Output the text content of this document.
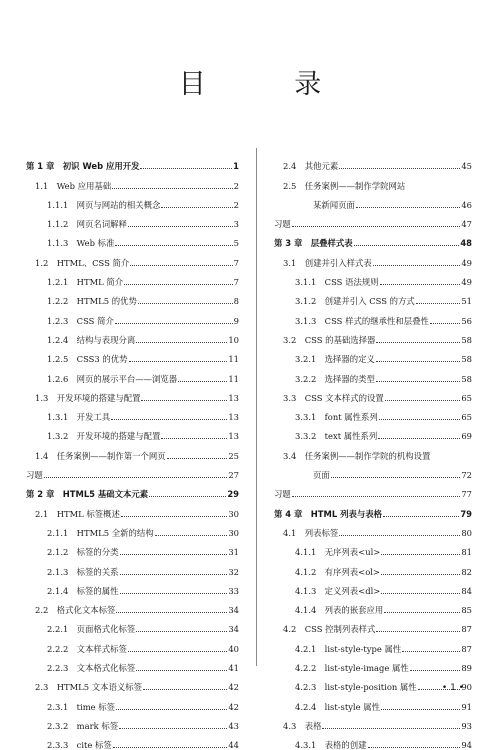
目 录
第 1 章　初识 Web 应用开发	1
1.1　Web 应用基础	2
1.1.1　网页与网站的相关概念	2
1.1.2　网页名词解释	3
1.1.3　Web 标准	5
1.2　HTML、CSS 简介	7
1.2.1　HTML 简介	7
1.2.2　HTML5 的优势	8
1.2.3　CSS 简介	9
1.2.4　结构与表现分离	10
1.2.5　CSS3 的优势	11
1.2.6　网页的展示平台——浏览器	11
1.3　开发环境的搭建与配置	13
1.3.1　开发工具	13
1.3.2　开发环境的搭建与配置	13
1.4　任务案例——制作第一个网页	25
习题	27
第 2 章　HTML5 基础文本元素	29
2.1　HTML 标签概述	30
2.1.1　HTML5 全新的结构	30
2.1.2　标签的分类	31
2.1.3　标签的关系	32
2.1.4　标签的属性	33
2.2　格式化文本标签	34
2.2.1　页面格式化标签	34
2.2.2　文本样式标签	40
2.2.3　文本格式化标签	41
2.3　HTML5 文本语义标签	42
2.3.1　time 标签	42
2.3.2　mark 标签	43
2.3.3　cite 标签	44
2.4　其他元素	45
2.5　任务案例——制作学院网站
某新闻页面	46
习题	47
第 3 章　层叠样式表	48
3.1　创建并引入样式表	49
3.1.1　CSS 语法规则	49
3.1.2　创建并引入 CSS 的方式	51
3.1.3　CSS 样式的继承性和层叠性	56
3.2　CSS 的基础选择器	58
3.2.1　选择器的定义	58
3.2.2　选择器的类型	58
3.3　CSS 文本样式的设置	65
3.3.1　font 属性系列	65
3.3.2　text 属性系列	69
3.4　任务案例——制作学院的机构设置
页面	72
习题	77
第 4 章　HTML 列表与表格	79
4.1　列表标签	80
4.1.1　无序列表<ul>	81
4.1.2　有序列表<ol>	82
4.1.3　定义列表<dl>	84
4.1.4　列表的嵌套应用	85
4.2　CSS 控制列表样式	87
4.2.1　list-style-type 属性	87
4.2.2　list-style-image 属性	89
4.2.3　list-style-position 属性	90
4.2.4　list-style 属性	91
4.3　表格	93
4.3.1　表格的创建	94
• 1 •
